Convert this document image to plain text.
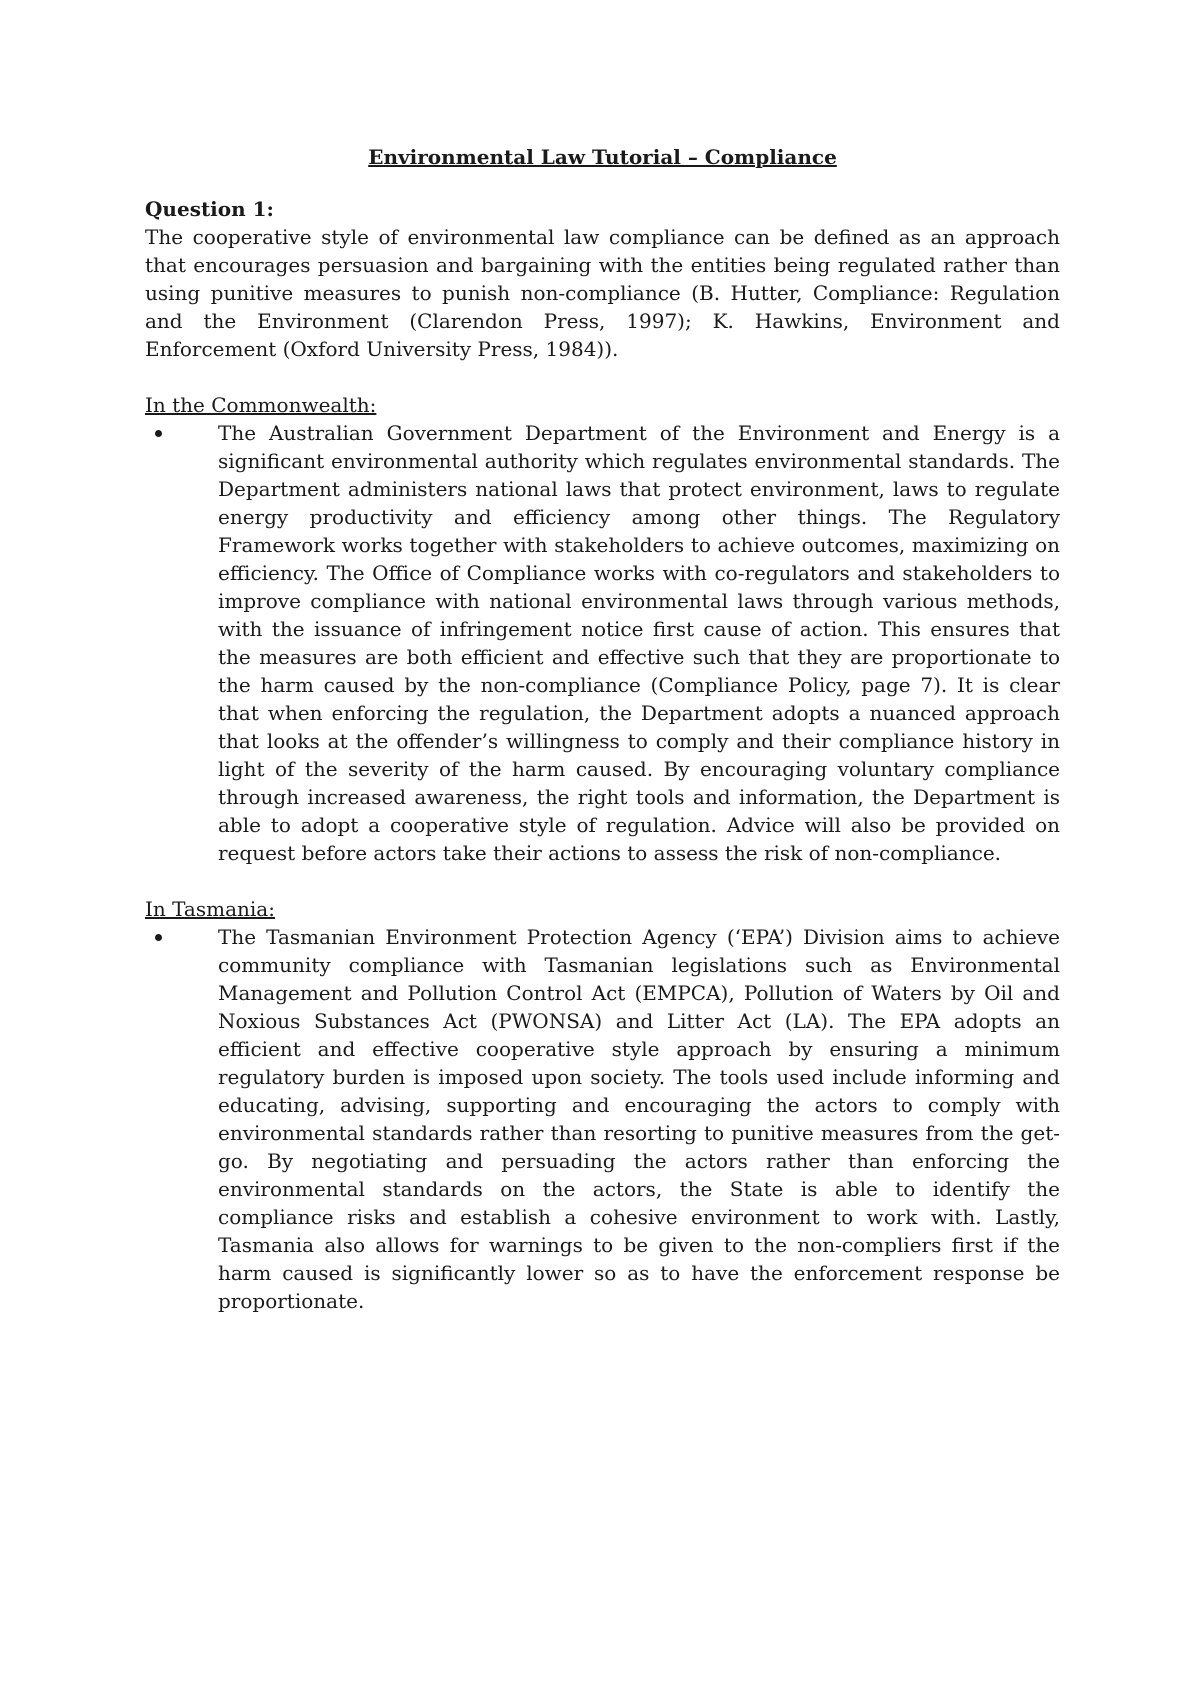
Environmental Law Tutorial – Compliance
Question 1:

The cooperative style of environmental law compliance can be defined as an approach that encourages persuasion and bargaining with the entities being regulated rather than using punitive measures to punish non-compliance (B. Hutter, Compliance: Regulation and the Environment (Clarendon Press, 1997); K. Hawkins, Environment and Enforcement (Oxford University Press, 1984)).

In the Commonwealth:
The Australian Government Department of the Environment and Energy is a significant environmental authority which regulates environmental standards. The Department administers national laws that protect environment, laws to regulate energy productivity and efficiency among other things. The Regulatory Framework works together with stakeholders to achieve outcomes, maximizing on efficiency. The Office of Compliance works with co-regulators and stakeholders to improve compliance with national environmental laws through various methods, with the issuance of infringement notice first cause of action. This ensures that the measures are both efficient and effective such that they are proportionate to the harm caused by the non-compliance (Compliance Policy, page 7). It is clear that when enforcing the regulation, the Department adopts a nuanced approach that looks at the offender’s willingness to comply and their compliance history in light of the severity of the harm caused. By encouraging voluntary compliance through increased awareness, the right tools and information, the Department is able to adopt a cooperative style of regulation. Advice will also be provided on request before actors take their actions to assess the risk of non-compliance.
In Tasmania:
The Tasmanian Environment Protection Agency (‘EPA’) Division aims to achieve community compliance with Tasmanian legislations such as Environmental Management and Pollution Control Act (EMPCA), Pollution of Waters by Oil and Noxious Substances Act (PWONSA) and Litter Act (LA). The EPA adopts an efficient and effective cooperative style approach by ensuring a minimum regulatory burden is imposed upon society. The tools used include informing and educating, advising, supporting and encouraging the actors to comply with environmental standards rather than resorting to punitive measures from the get-go. By negotiating and persuading the actors rather than enforcing the environmental standards on the actors, the State is able to identify the compliance risks and establish a cohesive environment to work with. Lastly, Tasmania also allows for warnings to be given to the non-compliers first if the harm caused is significantly lower so as to have the enforcement response be proportionate.
